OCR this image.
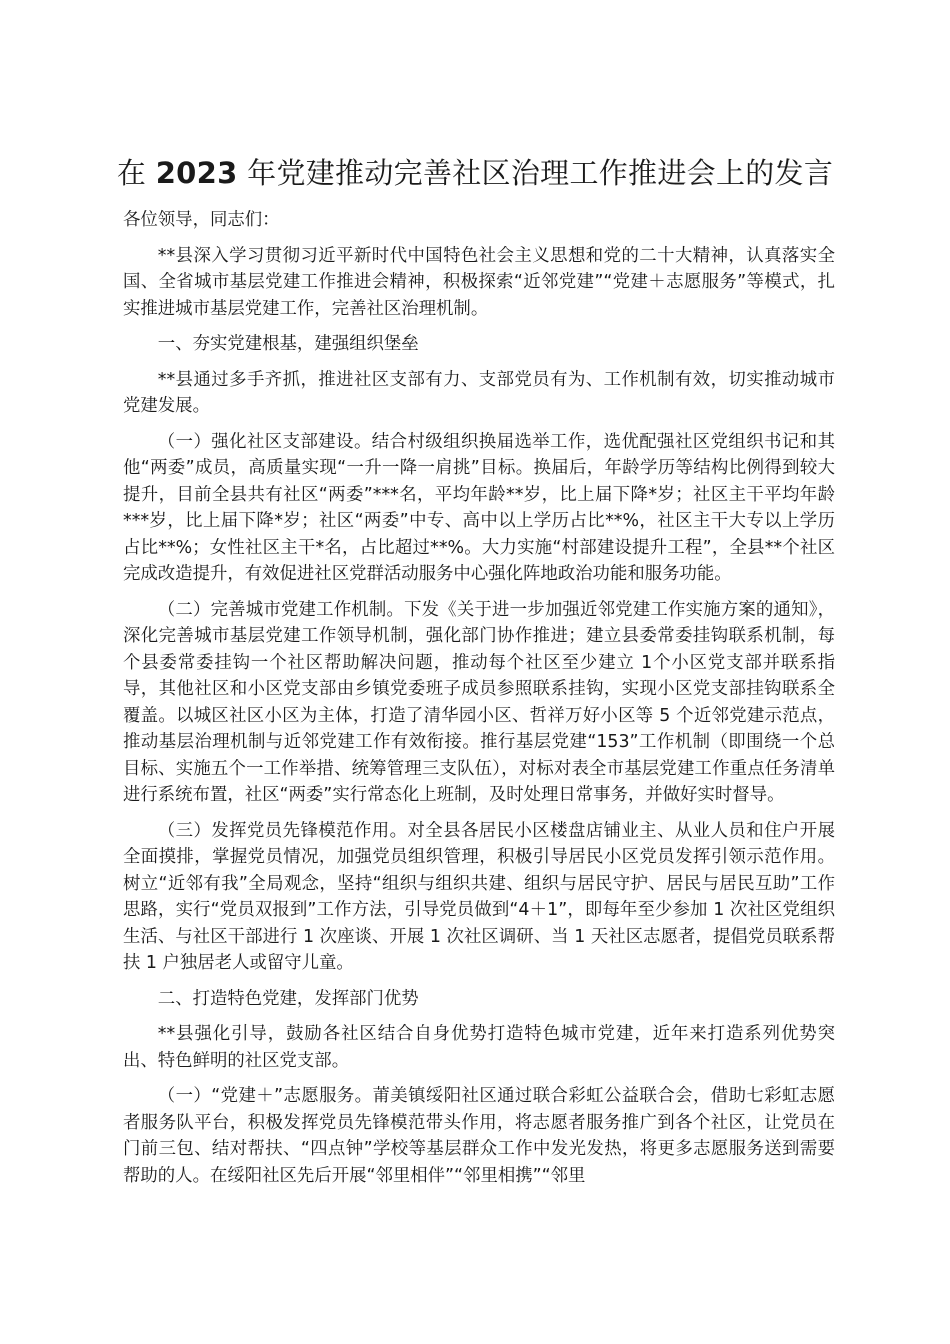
在 2023 年党建推动完善社区治理工作推进会上的发言

各位领导，同志们：

**县深入学习贯彻习近平新时代中国特色社会主义思想和党的二十大精神，认真落实全国、全省城市基层党建工作推进会精神，积极探索“近邻党建”“党建＋志愿服务”等模式，扎实推进城市基层党建工作，完善社区治理机制。

一、夯实党建根基，建强组织堡垒

**县通过多手齐抓，推进社区支部有力、支部党员有为、工作机制有效，切实推动城市党建发展。

（一）强化社区支部建设。结合村级组织换届选举工作，选优配强社区党组织书记和其他“两委”成员，高质量实现“一升一降一肩挑”目标。换届后，年龄学历等结构比例得到较大提升，目前全县共有社区“两委”***名，平均年龄**岁，比上届下降*岁；社区主干平均年龄***岁，比上届下降*岁；社区“两委”中专、高中以上学历占比**%，社区主干大专以上学历占比**%；女性社区主干*名，占比超过**%。大力实施“村部建设提升工程”，全县**个社区完成改造提升，有效促进社区党群活动服务中心强化阵地政治功能和服务功能。

（二）完善城市党建工作机制。下发《关于进一步加强近邻党建工作实施方案的通知》，深化完善城市基层党建工作领导机制，强化部门协作推进；建立县委常委挂钩联系机制，每个县委常委挂钩一个社区帮助解决问题，推动每个社区至少建立 1个小区党支部并联系指导，其他社区和小区党支部由乡镇党委班子成员参照联系挂钩，实现小区党支部挂钩联系全覆盖。以城区社区小区为主体，打造了清华园小区、哲祥万好小区等 5 个近邻党建示范点，推动基层治理机制与近邻党建工作有效衔接。推行基层党建“153”工作机制（即围绕一个总目标、实施五个一工作举措、统筹管理三支队伍），对标对表全市基层党建工作重点任务清单进行系统布置，社区“两委”实行常态化上班制，及时处理日常事务，并做好实时督导。

（三）发挥党员先锋模范作用。对全县各居民小区楼盘店铺业主、从业人员和住户开展全面摸排，掌握党员情况，加强党员组织管理，积极引导居民小区党员发挥引领示范作用。树立“近邻有我”全局观念，坚持“组织与组织共建、组织与居民守护、居民与居民互助”工作思路，实行“党员双报到”工作方法，引导党员做到“4＋1”，即每年至少参加 1 次社区党组织生活、与社区干部进行 1 次座谈、开展 1 次社区调研、当 1 天社区志愿者，提倡党员联系帮扶 1 户独居老人或留守儿童。

二、打造特色党建，发挥部门优势

**县强化引导，鼓励各社区结合自身优势打造特色城市党建，近年来打造系列优势突出、特色鲜明的社区党支部。

（一）“党建＋”志愿服务。莆美镇绥阳社区通过联合彩虹公益联合会，借助七彩虹志愿者服务队平台，积极发挥党员先锋模范带头作用，将志愿者服务推广到各个社区，让党员在门前三包、结对帮扶、“四点钟”学校等基层群众工作中发光发热，将更多志愿服务送到需要帮助的人。在绥阳社区先后开展“邻里相伴”“邻里相携”“邻里
